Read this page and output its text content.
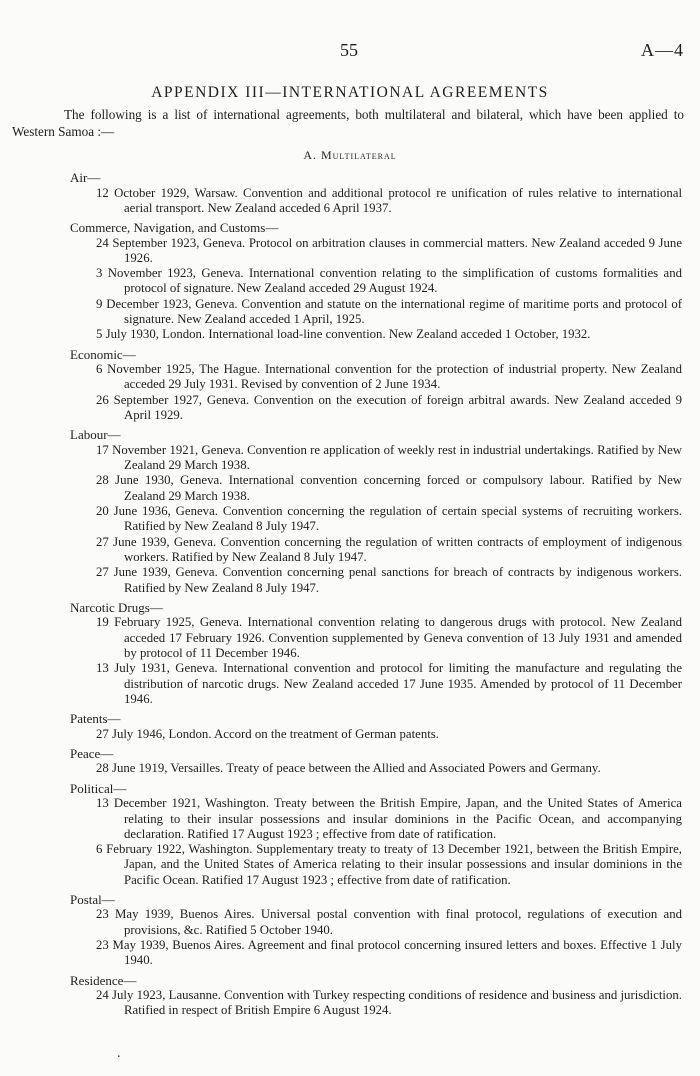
55	A—4
APPENDIX III—INTERNATIONAL AGREEMENTS
The following is a list of international agreements, both multilateral and bilateral, which have been applied to Western Samoa :—
A. Multilateral
Air—
12 October 1929, Warsaw. Convention and additional protocol re unification of rules relative to international aerial transport. New Zealand acceded 6 April 1937.
Commerce, Navigation, and Customs—
24 September 1923, Geneva. Protocol on arbitration clauses in commercial matters. New Zealand acceded 9 June 1926.
3 November 1923, Geneva. International convention relating to the simplification of customs formalities and protocol of signature. New Zealand acceded 29 August 1924.
9 December 1923, Geneva. Convention and statute on the international regime of maritime ports and protocol of signature. New Zealand acceded 1 April, 1925.
5 July 1930, London. International load-line convention. New Zealand acceded 1 October, 1932.
Economic—
6 November 1925, The Hague. International convention for the protection of industrial property. New Zealand acceded 29 July 1931. Revised by convention of 2 June 1934.
26 September 1927, Geneva. Convention on the execution of foreign arbitral awards. New Zealand acceded 9 April 1929.
Labour—
17 November 1921, Geneva. Convention re application of weekly rest in industrial undertakings. Ratified by New Zealand 29 March 1938.
28 June 1930, Geneva. International convention concerning forced or compulsory labour. Ratified by New Zealand 29 March 1938.
20 June 1936, Geneva. Convention concerning the regulation of certain special systems of recruiting workers. Ratified by New Zealand 8 July 1947.
27 June 1939, Geneva. Convention concerning the regulation of written contracts of employment of indigenous workers. Ratified by New Zealand 8 July 1947.
27 June 1939, Geneva. Convention concerning penal sanctions for breach of contracts by indigenous workers. Ratified by New Zealand 8 July 1947.
Narcotic Drugs—
19 February 1925, Geneva. International convention relating to dangerous drugs with protocol. New Zealand acceded 17 February 1926. Convention supplemented by Geneva convention of 13 July 1931 and amended by protocol of 11 December 1946.
13 July 1931, Geneva. International convention and protocol for limiting the manufacture and regulating the distribution of narcotic drugs. New Zealand acceded 17 June 1935. Amended by protocol of 11 December 1946.
Patents—
27 July 1946, London. Accord on the treatment of German patents.
Peace—
28 June 1919, Versailles. Treaty of peace between the Allied and Associated Powers and Germany.
Political—
13 December 1921, Washington. Treaty between the British Empire, Japan, and the United States of America relating to their insular possessions and insular dominions in the Pacific Ocean, and accompanying declaration. Ratified 17 August 1923 ; effective from date of ratification.
6 February 1922, Washington. Supplementary treaty to treaty of 13 December 1921, between the British Empire, Japan, and the United States of America relating to their insular possessions and insular dominions in the Pacific Ocean. Ratified 17 August 1923 ; effective from date of ratification.
Postal—
23 May 1939, Buenos Aires. Universal postal convention with final protocol, regulations of execution and provisions, &c. Ratified 5 October 1940.
23 May 1939, Buenos Aires. Agreement and final protocol concerning insured letters and boxes. Effective 1 July 1940.
Residence—
24 July 1923, Lausanne. Convention with Turkey respecting conditions of residence and business and jurisdiction. Ratified in respect of British Empire 6 August 1924.
.
